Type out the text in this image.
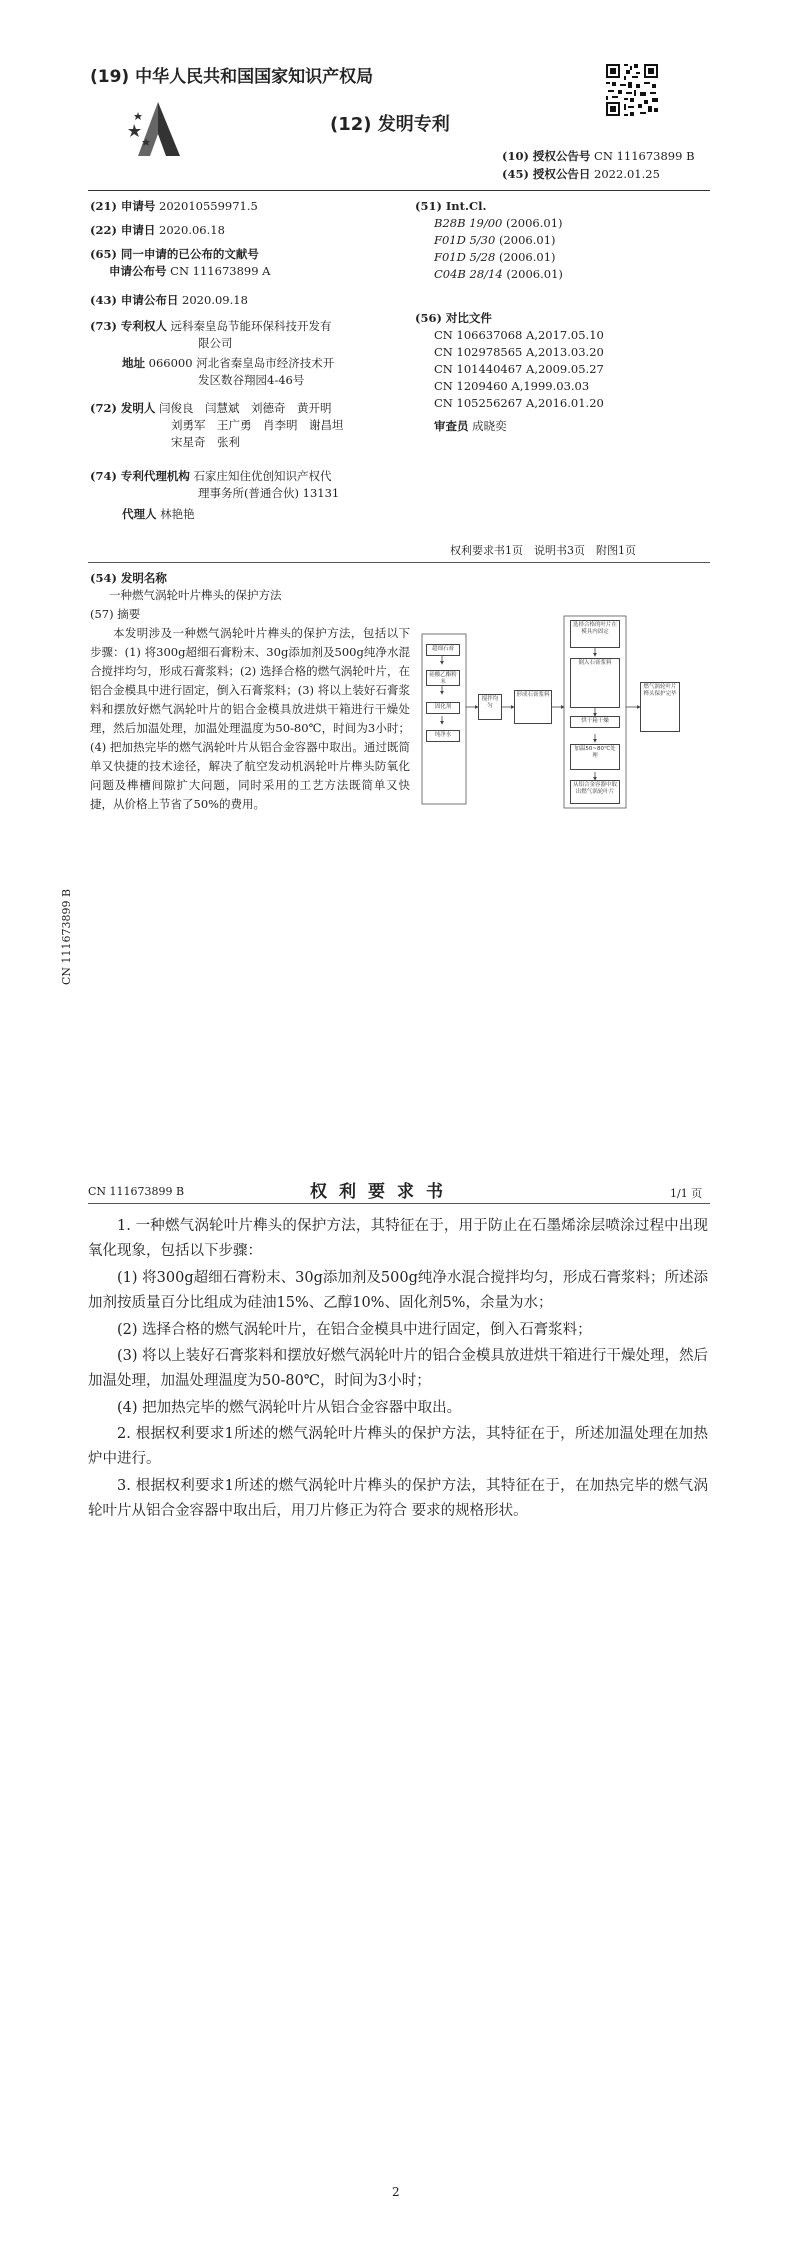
(19) 中华人民共和国国家知识产权局
(12) 发明专利
(10) 授权公告号 CN 111673899 B
(45) 授权公告日 2022.01.25
(21) 申请号 202010559971.5
(22) 申请日 2020.06.18
(65) 同一申请的已公布的文献号
申请公布号 CN 111673899 A
(43) 申请公布日 2020.09.18
(73) 专利权人 远科秦皇岛节能环保科技开发有
限公司
地址 066000 河北省秦皇岛市经济技术开
发区数谷翔园4-46号
(72) 发明人 闫俊良　闫慧斌　刘德奇　黄开明
刘勇军　王广勇　肖李明　谢昌坦
宋星奇　张利
(74) 专利代理机构 石家庄知住优创知识产权代
理事务所(普通合伙) 13131
代理人 林艳艳
(51) Int.Cl.
B28B 19/00 (2006.01)
F01D 5/30 (2006.01)
F01D 5/28 (2006.01)
C04B 28/14 (2006.01)
(56) 对比文件
CN 106637068 A,2017.05.10
CN 102978565 A,2013.03.20
CN 101440467 A,2009.05.27
CN 1209460 A,1999.03.03
CN 105256267 A,2016.01.20
审查员 成晓奕
权利要求书1页　说明书3页　附图1页
(54) 发明名称
一种燃气涡轮叶片榫头的保护方法
(57) 摘要
本发明涉及一种燃气涡轮叶片榫头的保护方法，包括以下步骤：(1) 将300g超细石膏粉末、30g添加剂及500g纯净水混合搅拌均匀，形成石膏浆料；(2) 选择合格的燃气涡轮叶片，在铝合金模具中进行固定，倒入石膏浆料；(3) 将以上装好石膏浆料和摆放好燃气涡轮叶片的铝合金模具放进烘干箱进行干燥处理，然后加温处理，加温处理温度为50-80℃，时间为3小时；(4) 把加热完毕的燃气涡轮叶片从铝合金容器中取出。通过既简单又快捷的技术途径，解决了航空发动机涡轮叶片榫头防氧化问题及榫槽间隙扩大问题，同时采用的工艺方法既简单又快捷，从价格上节省了50%的费用。
超细石膏
硅酸乙酯粉末
固化剂
纯净水
搅拌均匀
形成石膏浆料
选择合格的叶片在模具内固定
倒入石膏浆料
烘干箱干燥
加温50~80℃处理
从铝合金容器中取出燃气涡轮叶片
燃气涡轮叶片榫头保护完毕
CN 111673899 B
CN 111673899 B	权利要求书	1/1 页
1. 一种燃气涡轮叶片榫头的保护方法，其特征在于，用于防止在石墨烯涂层喷涂过程中出现氧化现象，包括以下步骤：
(1) 将300g超细石膏粉末、30g添加剂及500g纯净水混合搅拌均匀，形成石膏浆料；所述添加剂按质量百分比组成为硅油15%、乙醇10%、固化剂5%，余量为水；
(2) 选择合格的燃气涡轮叶片，在铝合金模具中进行固定，倒入石膏浆料；
(3) 将以上装好石膏浆料和摆放好燃气涡轮叶片的铝合金模具放进烘干箱进行干燥处理，然后加温处理，加温处理温度为50-80℃，时间为3小时；
(4) 把加热完毕的燃气涡轮叶片从铝合金容器中取出。
2. 根据权利要求1所述的燃气涡轮叶片榫头的保护方法，其特征在于，所述加温处理在加热炉中进行。
3. 根据权利要求1所述的燃气涡轮叶片榫头的保护方法，其特征在于，在加热完毕的燃气涡轮叶片从铝合金容器中取出后，用刀片修正为符合 要求的规格形状。
2
